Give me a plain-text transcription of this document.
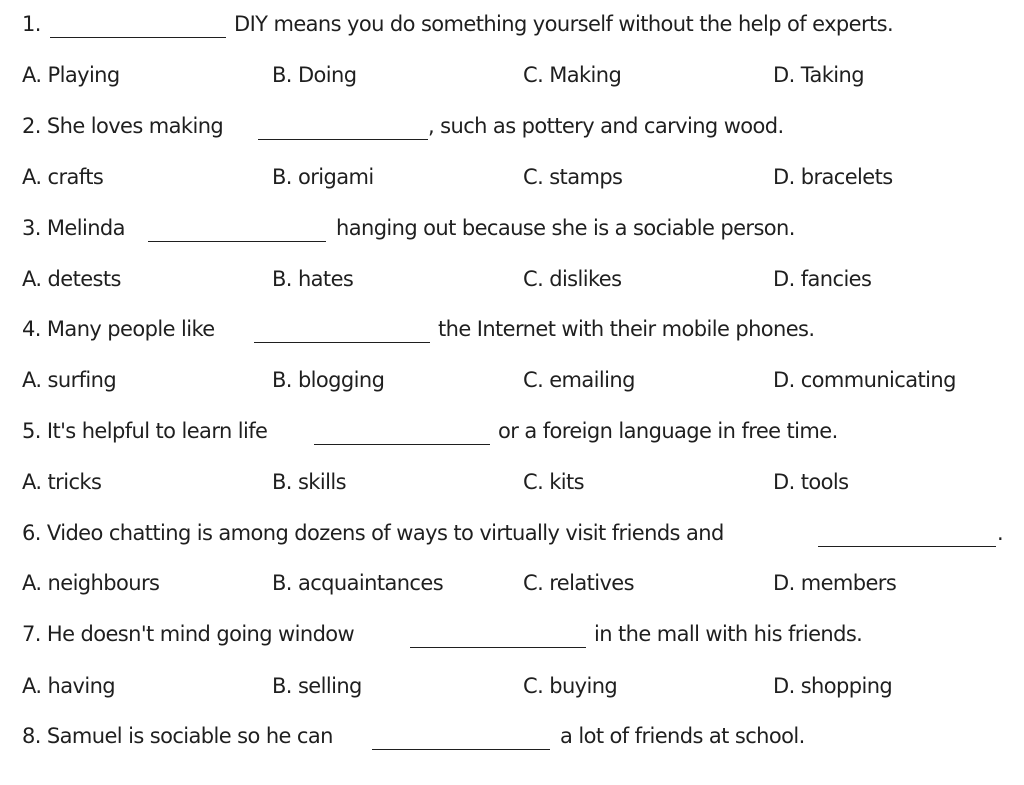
1.	DIY means you do something yourself without the help of experts.
A. Playing	B. Doing	C. Making	D. Taking
2. She loves making	, such as pottery and carving wood.
A. crafts	B. origami	C. stamps	D. bracelets
3. Melinda	hanging out because she is a sociable person.
A. detests	B. hates	C. dislikes	D. fancies
4. Many people like	the Internet with their mobile phones.
A. surfing	B. blogging	C. emailing	D. communicating
5. It's helpful to learn life	or a foreign language in free time.
A. tricks	B. skills	C. kits	D. tools
6. Video chatting is among dozens of ways to virtually visit friends and	.
A. neighbours	B. acquaintances	C. relatives	D. members
7. He doesn't mind going window	in the mall with his friends.
A. having	B. selling	C. buying	D. shopping
8. Samuel is sociable so he can	a lot of friends at school.
